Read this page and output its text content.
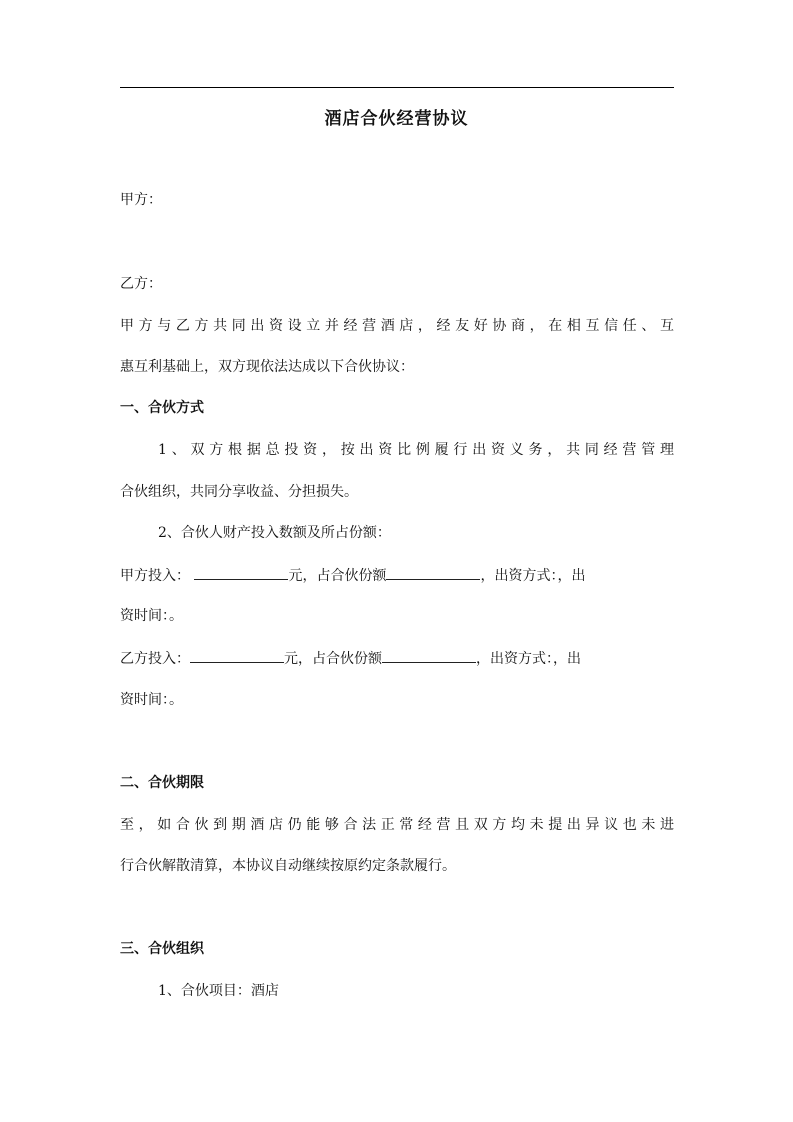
酒店合伙经营协议
甲方：
乙方：
甲方与乙方共同出资设立并经营酒店，经友好协商，在相互信任、互
惠互利基础上，双方现依法达成以下合伙协议：
一、合伙方式
1、双方根据总投资，按出资比例履行出资义务，共同经营管理
合伙组织，共同分享收益、分担损失。
2、合伙人财产投入数额及所占份额：
甲方投入：	元，占合伙份额	，出资方式：，出
资时间：。
乙方投入：	元，占合伙份额	，出资方式：，出
资时间：。
二、合伙期限
至，如合伙到期酒店仍能够合法正常经营且双方均未提出异议也未进
行合伙解散清算，本协议自动继续按原约定条款履行。
三、合伙组织
1、合伙项目：酒店
